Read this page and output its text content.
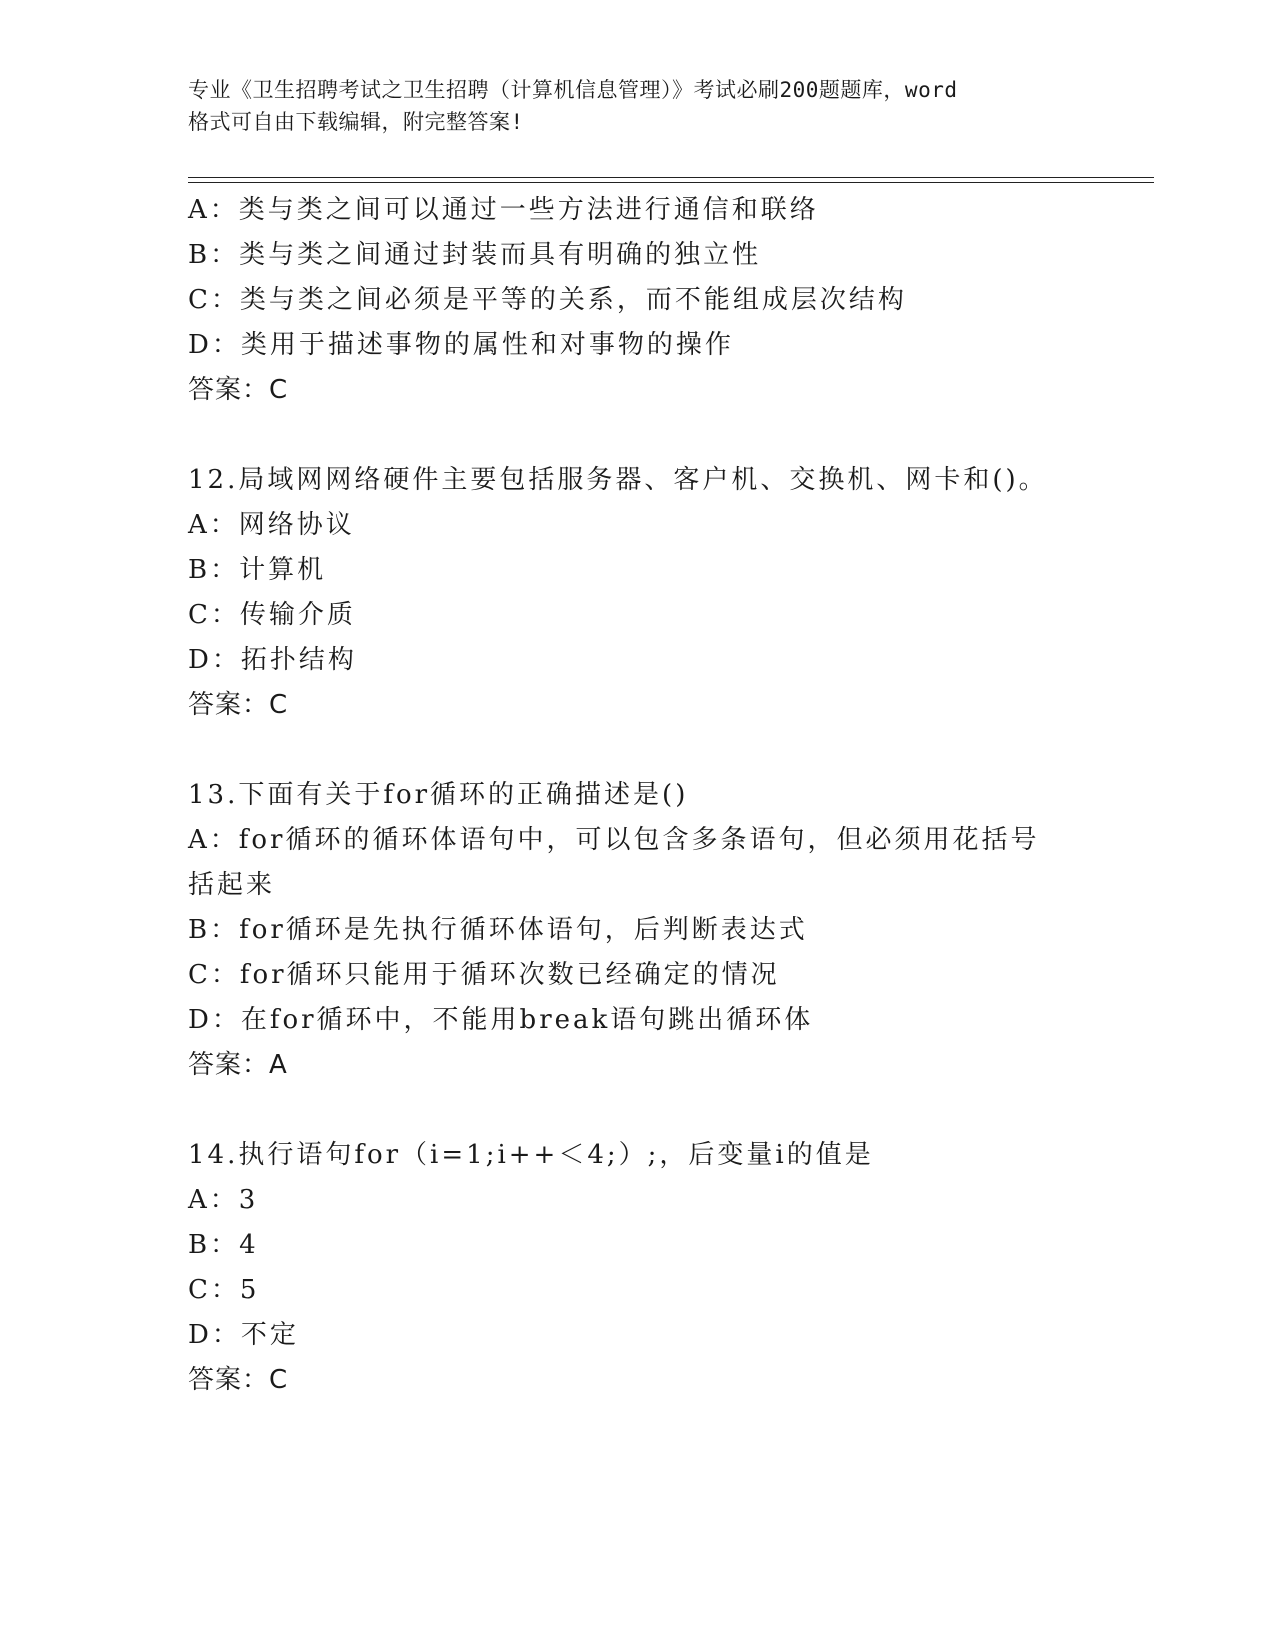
专业《卫生招聘考试之卫生招聘（计算机信息管理）》考试必刷200题题库，word
格式可自由下载编辑，附完整答案!
A：类与类之间可以通过一些方法进行通信和联络
B：类与类之间通过封装而具有明确的独立性
C：类与类之间必须是平等的关系，而不能组成层次结构
D：类用于描述事物的属性和对事物的操作
答案：C
12.局域网网络硬件主要包括服务器、客户机、交换机、网卡和()。
A：网络协议
B：计算机
C：传输介质
D：拓扑结构
答案：C
13.下面有关于for循环的正确描述是()
A：for循环的循环体语句中，可以包含多条语句，但必须用花括号括起来
B：for循环是先执行循环体语句，后判断表达式
C：for循环只能用于循环次数已经确定的情况
D：在for循环中，不能用break语句跳出循环体
答案：A
14.执行语句for（i=1;i++＜4;）;，后变量i的值是
A：3
B：4
C：5
D：不定
答案：C
